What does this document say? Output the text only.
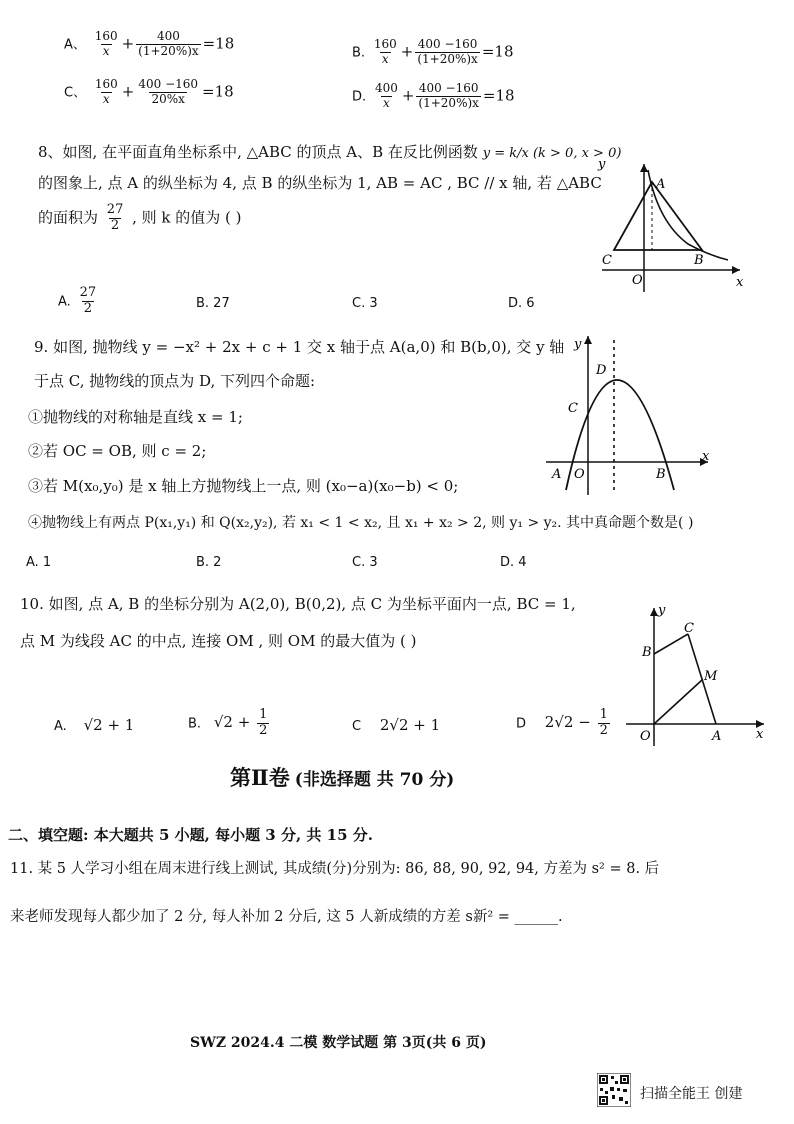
A、 $\frac{160}{x} + \frac{400}{(1+20\%)x} =18$
B. $\frac{160}{x} + \frac{400 -160}{(1+20\%)x} =18$
C、 $\frac{160}{x} + \frac{400 -160}{20\%x} =18$	D. $\frac{400}{x} + \frac{400 -160}{(1+20\%)x} =18$
8、如图, 在平面直角坐标系中, △ABC 的顶点 A、B 在反比例函数 y = k/x (k > 0, x > 0)
的图象上, 点 A 的纵坐标为 4, 点 B 的纵坐标为 1, AB = AC , BC // x 轴, 若 △ABC
的面积为 $\frac{27}{2}$ , 则 k 的值为 ( )
A. $\frac{27}{2}$	B. 27	C. 3	D. 6
y
x
O
A
B
C
9. 如图, 抛物线 y = −x² + 2x + c + 1 交 x 轴于点 A(a,0) 和 B(b,0), 交 y 轴
于点 C, 抛物线的顶点为 D, 下列四个命题:
①抛物线的对称轴是直线 x = 1;
②若 OC = OB, 则 c = 2;
③若 M(x₀,y₀) 是 x 轴上方抛物线上一点, 则 (x₀−a)(x₀−b) < 0;
④抛物线上有两点 P(x₁,y₁) 和 Q(x₂,y₂), 若 x₁ < 1 < x₂, 且 x₁ + x₂ > 2, 则 y₁ > y₂. 其中真命题个数是( )
A. 1	B. 2	C. 3	D. 4
y
x
O
A	B
C
D
10. 如图, 点 A, B 的坐标分别为 A(2,0), B(0,2), 点 C 为坐标平面内一点, BC = 1,
点 M 为线段 AC 的中点, 连接 OM , 则 OM 的最大值为 ( )
A. √2 + 1	B. $√2 + \frac{1}{2}$	C 2√2 + 1	D $2√2 - \frac{1}{2}$
B
C
M
O	A	x
y
第Ⅱ卷 (非选择题 共 70 分)
二、填空题: 本大题共 5 小题, 每小题 3 分, 共 15 分.
11. 某 5 人学习小组在周末进行线上测试, 其成绩(分)分别为: 86, 88, 90, 92, 94, 方差为 s² = 8. 后
来老师发现每人都少加了 2 分, 每人补加 2 分后, 这 5 人新成绩的方差 s新² = ______.
SWZ 2024.4 二模 数学试题 第 3页(共 6 页)
扫描全能王 创建
